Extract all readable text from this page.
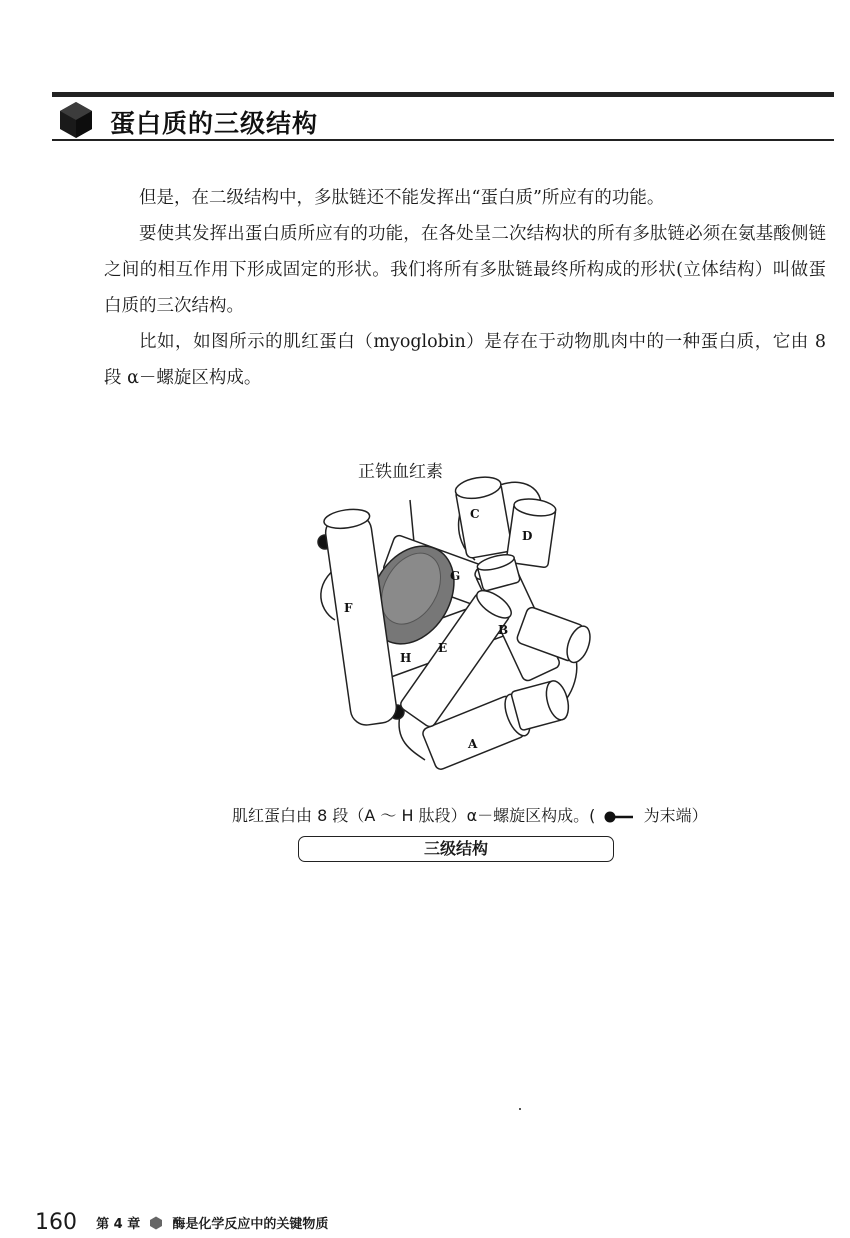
蛋白质的三级结构

但是，在二级结构中，多肽链还不能发挥出“蛋白质”所应有的功能。

要使其发挥出蛋白质所应有的功能，在各处呈二次结构状的所有多肽链必须在氨基酸侧链之间的相互作用下形成固定的形状。我们将所有多肽链最终所构成的形状(立体结构）叫做蛋白质的三次结构。

比如，如图所示的肌红蛋白（myoglobin）是存在于动物肌肉中的一种蛋白质，它由 8 段 α－螺旋区构成。

正铁血红素
A
B
C
D
E
F
G
H
肌红蛋白由 8 段（A ～ H 肽段）α－螺旋区构成。(	为末端）
三级结构
160 第 4 章 酶是化学反应中的关键物质
